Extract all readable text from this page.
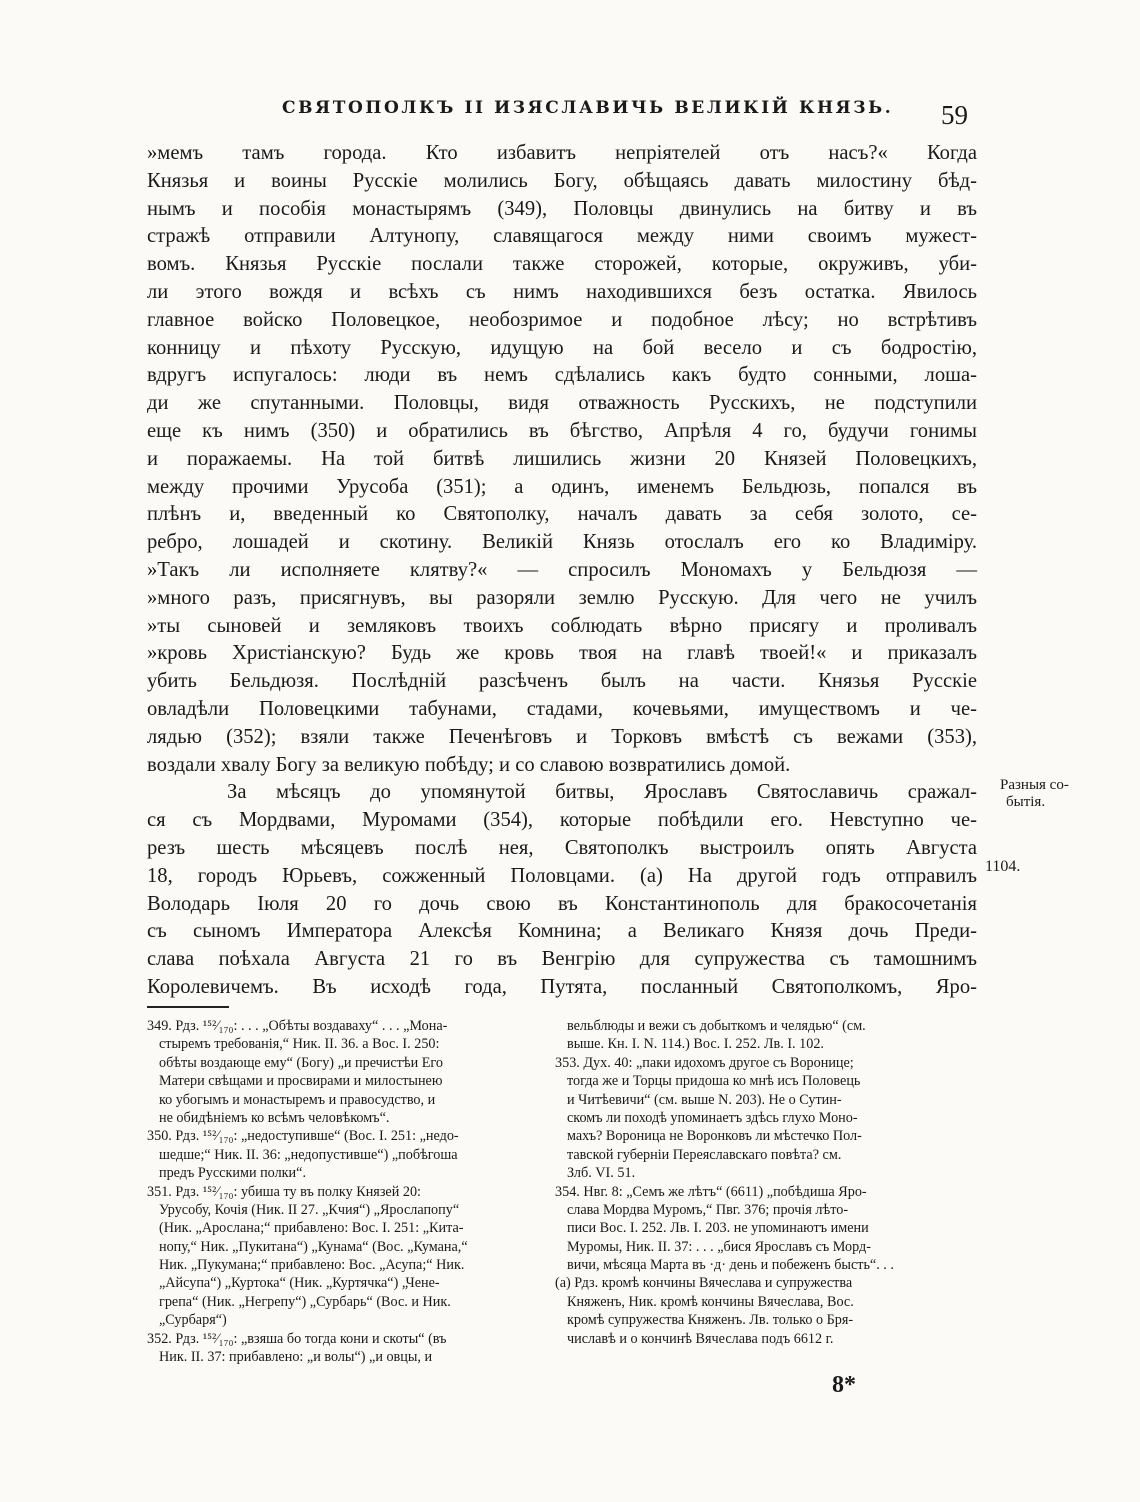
СВЯТОПОЛКЪ II ИЗЯСЛАВИЧЬ ВЕЛИКІЙ КНЯЗЬ. 59
»мемъ тамъ города. Кто избавитъ непріятелей отъ насъ?« Когда
Князья и воины Русскіе молились Богу, обѣщаясь давать милостину бѣд-
нымъ и пособія монастырямъ (349), Половцы двинулись на битву и въ
стражѣ отправили Алтунопу, славящагося между ними своимъ мужест-
вомъ. Князья Русскіе послали также сторожей, которые, окруживъ, уби-
ли этого вождя и всѣхъ съ нимъ находившихся безъ остатка. Явилось
главное войско Половецкое, необозримое и подобное лѣсу; но встрѣтивъ
конницу и пѣхоту Русскую, идущую на бой весело и съ бодростію,
вдругъ испугалось: люди въ немъ сдѣлались какъ будто сонными, лоша-
ди же спутанными. Половцы, видя отважность Русскихъ, не подступили
еще къ нимъ (350) и обратились въ бѣгство, Апрѣля 4 го, будучи гонимы
и поражаемы. На той битвѣ лишились жизни 20 Князей Половецкихъ,
между прочими Урусоба (351); а одинъ, именемъ Бельдюзь, попался въ
плѣнъ и, введенный ко Святополку, началъ давать за себя золото, се-
ребро, лошадей и скотину. Великій Князь отослалъ его ко Владиміру.
»Такъ ли исполняете клятву?« — спросилъ Мономахъ у Бельдюзя —
»много разъ, присягнувъ, вы разоряли землю Русскую. Для чего не училъ
»ты сыновей и земляковъ твоихъ соблюдать вѣрно присягу и проливалъ
»кровь Христіанскую? Будь же кровь твоя на главѣ твоей!« и приказалъ
убить Бельдюзя. Послѣдній разсѣченъ былъ на части. Князья Русскіе
овладѣли Половецкими табунами, стадами, кочевьями, имуществомъ и че-
лядью (352); взяли также Печенѣговъ и Торковъ вмѣстѣ съ вежами (353),
воздали хвалу Богу за великую побѣду; и со славою возвратились домой.
За мѣсяцъ до упомянутой битвы, Ярославъ Святославичь сражал-
ся съ Мордвами, Муромами (354), которые побѣдили его. Невступно че-
резъ шесть мѣсяцевъ послѣ нея, Святополкъ выстроилъ опять Августа
18, городъ Юрьевъ, сожженный Половцами. (а) На другой годъ отправилъ
Володарь Іюля 20 го дочь свою въ Константинополь для бракосочетанія
съ сыномъ Императора Алексѣя Комнина; а Великаго Князя дочь Преди-
слава поѣхала Августа 21 го въ Венгрію для супружества съ тамошнимъ
Королевичемъ. Въ исходѣ года, Путята, посланный Святополкомъ, Яро-
Разныя со-
бытія.
1104.
349. Рдз. ¹⁵²⁄₁₇₀: . . . „Обѣты воздаваху“ . . . „Мона-
стыремъ требованія,“ Ник. II. 36. а Вос. I. 250:
обѣты воздающе ему“ (Богу) „и пречистѣи Его
Матери свѣщами и просвирами и милостынею
ко убогымъ и монастыремъ и правосудство, и
не обидѣніемъ ко всѣмъ человѣкомъ“.
350. Рдз. ¹⁵²⁄₁₇₀: „недоступивше“ (Вос. I. 251: „недо-
шедше;“ Ник. II. 36: „недопустивше“) „побѣгоша
предъ Русскими полки“.
351. Рдз. ¹⁵²⁄₁₇₀: убиша ту въ полку Князей 20:
Урусобу, Кочія (Ник. II 27. „Кчия“) „Ярослапопу“
(Ник. „Арослана;“ прибавлено: Вос. I. 251: „Кита-
нопу,“ Ник. „Пукитана“) „Кунама“ (Вос. „Кумана,“
Ник. „Пукумана;“ прибавлено: Вос. „Асупа;“ Ник.
„Айсупа“) „Куртока“ (Ник. „Куртячка“) „Чене-
грепа“ (Ник. „Негрепу“) „Сурбарь“ (Вос. и Ник.
„Сурбаря“)
352. Рдз. ¹⁵²⁄₁₇₀: „взяша бо тогда кони и скоты“ (въ
Ник. II. 37: прибавлено: „и волы“) „и овцы, и
вельблюды и вежи съ добыткомъ и челядью“ (см.
выше. Кн. I. N. 114.) Вос. I. 252. Лв. I. 102.
353. Дух. 40: „паки идохомъ другое съ Воронице;
тогда же и Торцы придоша ко мнѣ исъ Половець
и Читѣевичи“ (см. выше N. 203). Не о Сутин-
скомъ ли походѣ упоминаетъ здѣсь глухо Моно-
махъ? Вороница не Воронковъ ли мѣстечко Пол-
тавской губерніи Переяславскаго повѣта? см.
Злб. VI. 51.
354. Нвг. 8: „Семъ же лѣтъ“ (6611) „побѣдиша Яро-
слава Мордва Муромъ,“ Пвг. 376; прочія лѣто-
писи Вос. I. 252. Лв. I. 203. не упоминаютъ имени
Муромы, Ник. II. 37: . . . „бися Ярославъ съ Морд-
вичи, мѣсяца Марта въ ·д· день и побеженъ бысть“. . .
(а) Рдз. кромѣ кончины Вячеслава и супружества
Княженъ, Ник. кромѣ кончины Вячеслава, Вос.
кромѣ супружества Княженъ. Лв. только о Бря-
числавѣ и о кончинѣ Вячеслава подъ 6612 г.
8*
